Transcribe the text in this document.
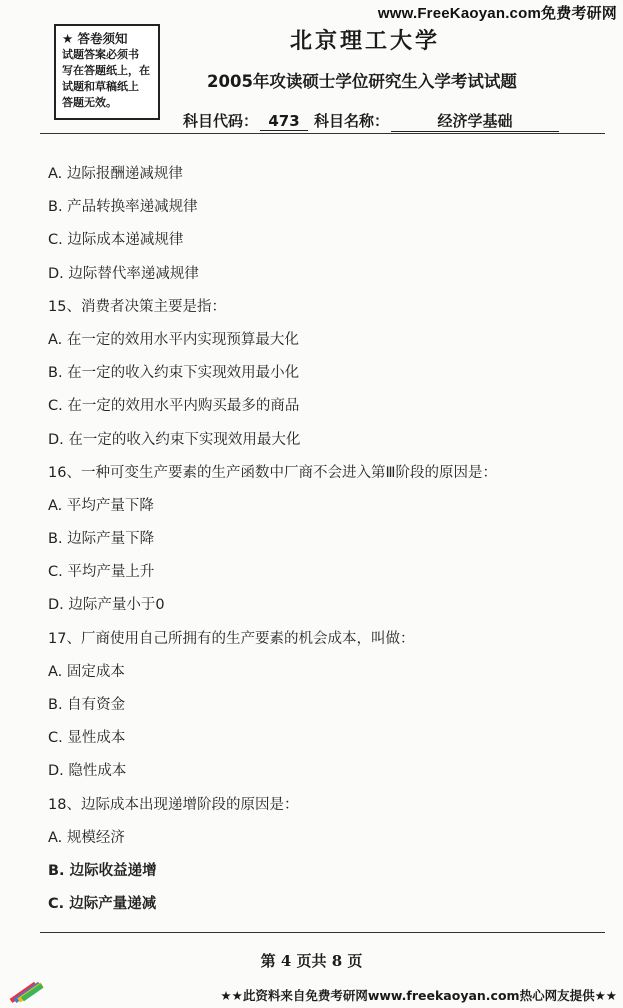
www.FreeKaoyan.com免费考研网
★ 答卷须知
试题答案必须书
写在答题纸上，在
试题和草稿纸上
答题无效。
北京理工大学
2005年攻读硕士学位研究生入学考试试题
科目代码： 473 科目名称：	经济学基础
A. 边际报酬递减规律
B. 产品转换率递减规律
C. 边际成本递减规律
D. 边际替代率递减规律
15、消费者决策主要是指：
A. 在一定的效用水平内实现预算最大化
B. 在一定的收入约束下实现效用最小化
C. 在一定的效用水平内购买最多的商品
D. 在一定的收入约束下实现效用最大化
16、一种可变生产要素的生产函数中厂商不会进入第Ⅲ阶段的原因是：
A. 平均产量下降
B. 边际产量下降
C. 平均产量上升
D. 边际产量小于0
17、厂商使用自己所拥有的生产要素的机会成本，叫做：
A. 固定成本
B. 自有资金
C. 显性成本
D. 隐性成本
18、边际成本出现递增阶段的原因是：
A. 规模经济
B. 边际收益递增
C. 边际产量递减
第 4 页共 8 页
★★此资料来自免费考研网www.freekaoyan.com热心网友提供★★
